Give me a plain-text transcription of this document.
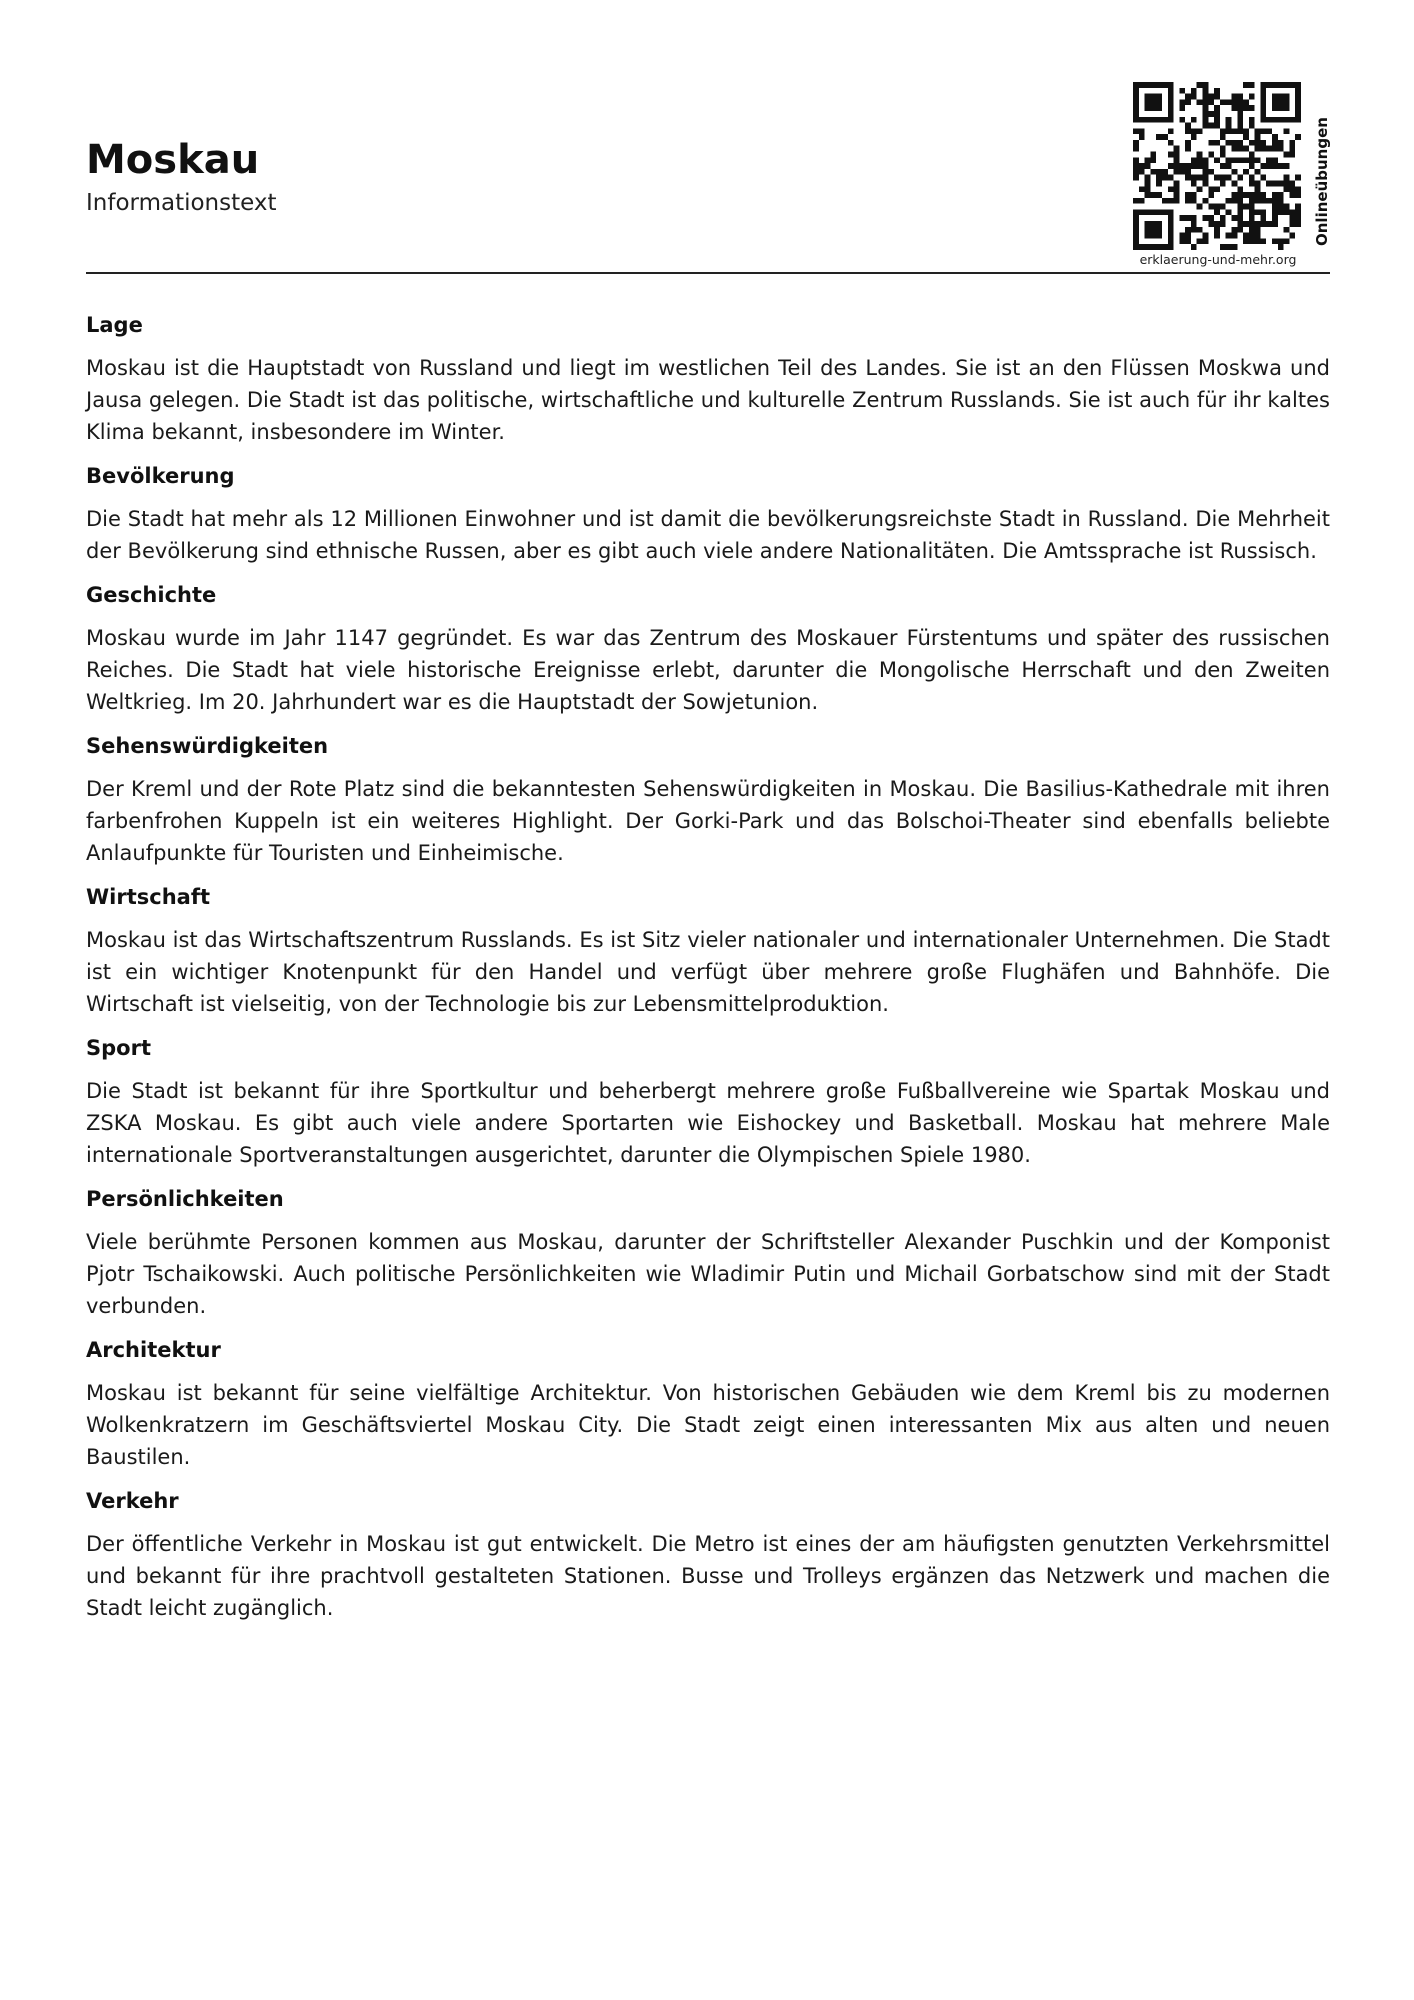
Moskau
Informationstext	Onlineübungen
erklaerung-und-mehr.org
Lage

Moskau ist die Hauptstadt von Russland und liegt im westlichen Teil des Landes. Sie ist an den Flüssen Moskwa und Jausa gelegen. Die Stadt ist das politische, wirtschaftliche und kulturelle Zentrum Russlands. Sie ist auch für ihr kaltes Klima bekannt, insbesondere im Winter.

Bevölkerung

Die Stadt hat mehr als 12 Millionen Einwohner und ist damit die bevölkerungsreichste Stadt in Russland. Die Mehrheit der Bevölkerung sind ethnische Russen, aber es gibt auch viele andere Nationalitäten. Die Amtssprache ist Russisch.

Geschichte

Moskau wurde im Jahr 1147 gegründet. Es war das Zentrum des Moskauer Fürstentums und später des russischen Reiches. Die Stadt hat viele historische Ereignisse erlebt, darunter die Mongolische Herrschaft und den Zweiten Weltkrieg. Im 20. Jahrhundert war es die Hauptstadt der Sowjetunion.

Sehenswürdigkeiten

Der Kreml und der Rote Platz sind die bekanntesten Sehenswürdigkeiten in Moskau. Die Basilius-Kathedrale mit ihren farbenfrohen Kuppeln ist ein weiteres Highlight. Der Gorki-Park und das Bolschoi-Theater sind ebenfalls beliebte Anlaufpunkte für Touristen und Einheimische.

Wirtschaft

Moskau ist das Wirtschaftszentrum Russlands. Es ist Sitz vieler nationaler und internationaler Unternehmen. Die Stadt ist ein wichtiger Knotenpunkt für den Handel und verfügt über mehrere große Flughäfen und Bahnhöfe. Die Wirtschaft ist vielseitig, von der Technologie bis zur Lebensmittelproduktion.

Sport

Die Stadt ist bekannt für ihre Sportkultur und beherbergt mehrere große Fußballvereine wie Spartak Moskau und ZSKA Moskau. Es gibt auch viele andere Sportarten wie Eishockey und Basketball. Moskau hat mehrere Male internationale Sportveranstaltungen ausgerichtet, darunter die Olympischen Spiele 1980.

Persönlichkeiten

Viele berühmte Personen kommen aus Moskau, darunter der Schriftsteller Alexander Puschkin und der Komponist Pjotr Tschaikowski. Auch politische Persönlichkeiten wie Wladimir Putin und Michail Gorbatschow sind mit der Stadt verbunden.

Architektur

Moskau ist bekannt für seine vielfältige Architektur. Von historischen Gebäuden wie dem Kreml bis zu modernen Wolkenkratzern im Geschäftsviertel Moskau City. Die Stadt zeigt einen interessanten Mix aus alten und neuen Baustilen.

Verkehr

Der öffentliche Verkehr in Moskau ist gut entwickelt. Die Metro ist eines der am häufigsten genutzten Verkehrsmittel und bekannt für ihre prachtvoll gestalteten Stationen. Busse und Trolleys ergänzen das Netzwerk und machen die Stadt leicht zugänglich.
